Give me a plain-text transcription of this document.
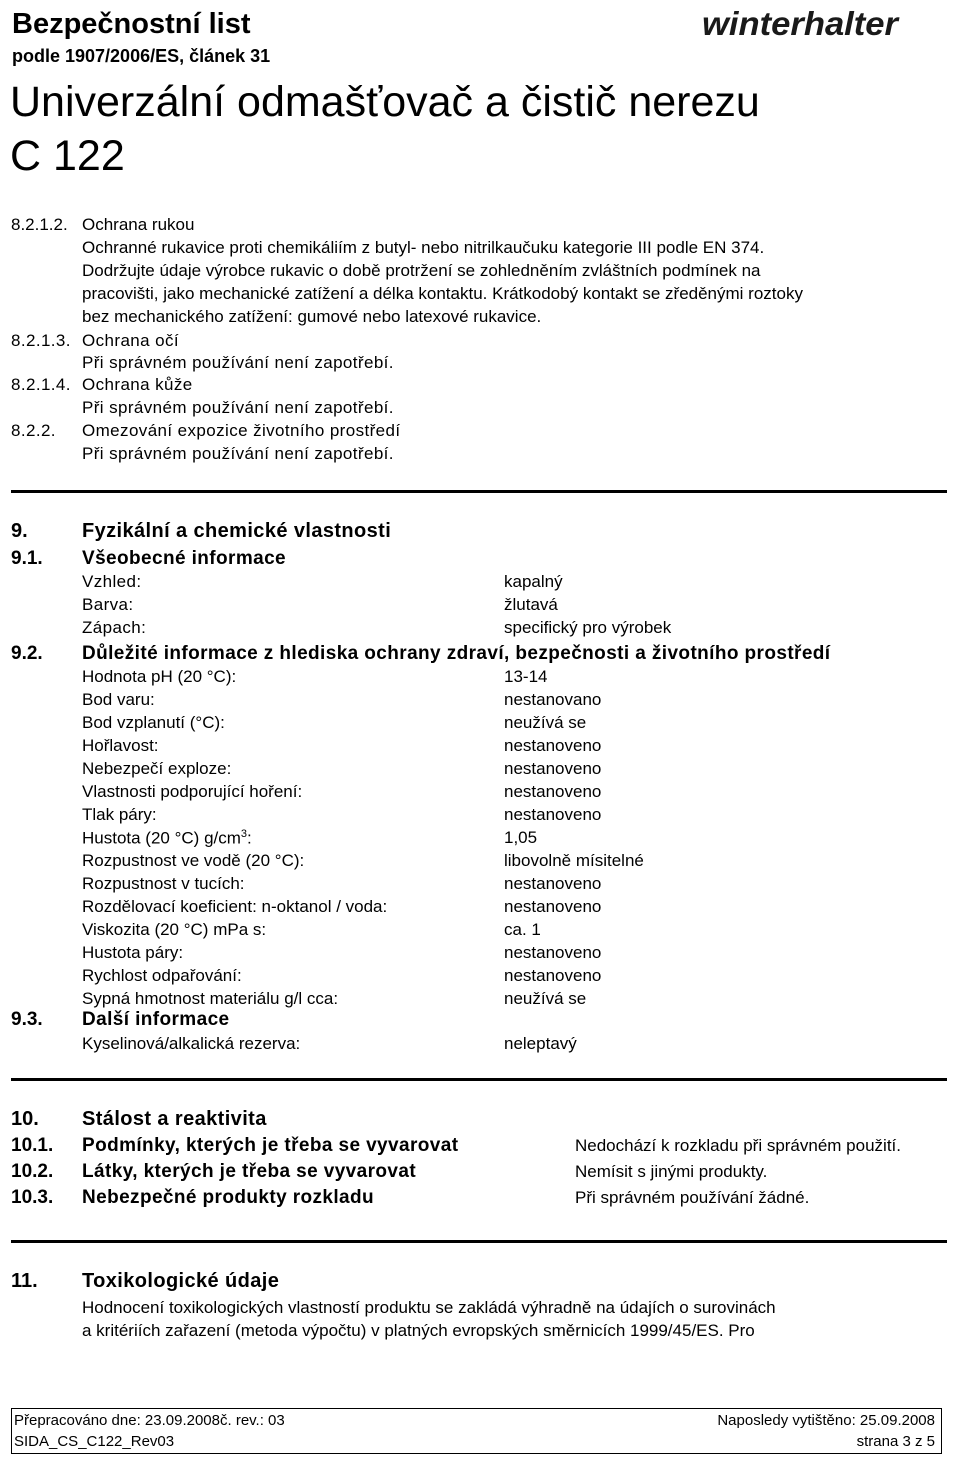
Bezpečnostní list
podle 1907/2006/ES, článek 31
Univerzální odmašťovač a čistič nerezu
C 122
winterhalter
8.2.1.2. Ochrana rukou
Ochranné rukavice proti chemikáliím z butyl- nebo nitrilkaučuku kategorie III podle EN 374.
Dodržujte údaje výrobce rukavic o době protržení se zohledněním zvláštních podmínek na
pracovišti, jako mechanické zatížení a délka kontaktu. Krátkodobý kontakt se zředěnými roztoky
bez mechanického zatížení: gumové nebo latexové rukavice.
8.2.1.3. Ochrana očí
Při správném používání není zapotřebí.
8.2.1.4. Ochrana kůže
Při správném používání není zapotřebí.
8.2.2. Omezování expozice životního prostředí
Při správném používání není zapotřebí.
9.	Fyzikální a chemické vlastnosti
9.1. Všeobecné informace
Vzhled:	kapalný
Barva:	žlutavá
Zápach:	specifický pro výrobek
9.2. Důležité informace z hlediska ochrany zdraví, bezpečnosti a životního prostředí
Hodnota pH (20 °C):	13-14
Bod varu:	nestanovano
Bod vzplanutí (°C):	neužívá se
Hořlavost:	nestanoveno
Nebezpečí exploze:	nestanoveno
Vlastnosti podporující hoření:	nestanoveno
Tlak páry:	nestanoveno
Hustota (20 °C) $g/cm^3$:	1,05
Rozpustnost ve vodě (20 °C):	libovolně mísitelné
Rozpustnost v tucích:	nestanoveno
Rozdělovací koeficient: n-oktanol / voda:	nestanoveno
Viskozita (20 °C) mPa s:	ca. 1
Hustota páry:	nestanoveno
Rychlost odpařování:	nestanoveno
Sypná hmotnost materiálu g/l cca:	neužívá se
9.3. Další informace
Kyselinová/alkalická rezerva:	neleptavý
10. Stálost a reaktivita
10.1. Podmínky, kterých je třeba se vyvarovat	Nedochází k rozkladu při správném použití.
10.2. Látky, kterých je třeba se vyvarovat	Nemísit s jinými produkty.
10.3. Nebezpečné produkty rozkladu	Při správném používání žádné.
11. Toxikologické údaje
Hodnocení toxikologických vlastností produktu se zakládá výhradně na údajích o surovinách
a kritériích zařazení (metoda výpočtu) v platných evropských směrnicích 1999/45/ES. Pro
Přepracováno dne: 23.09.2008č. rev.: 03	Naposledy vytištěno: 25.09.2008
SIDA_CS_C122_Rev03	strana 3 z 5
